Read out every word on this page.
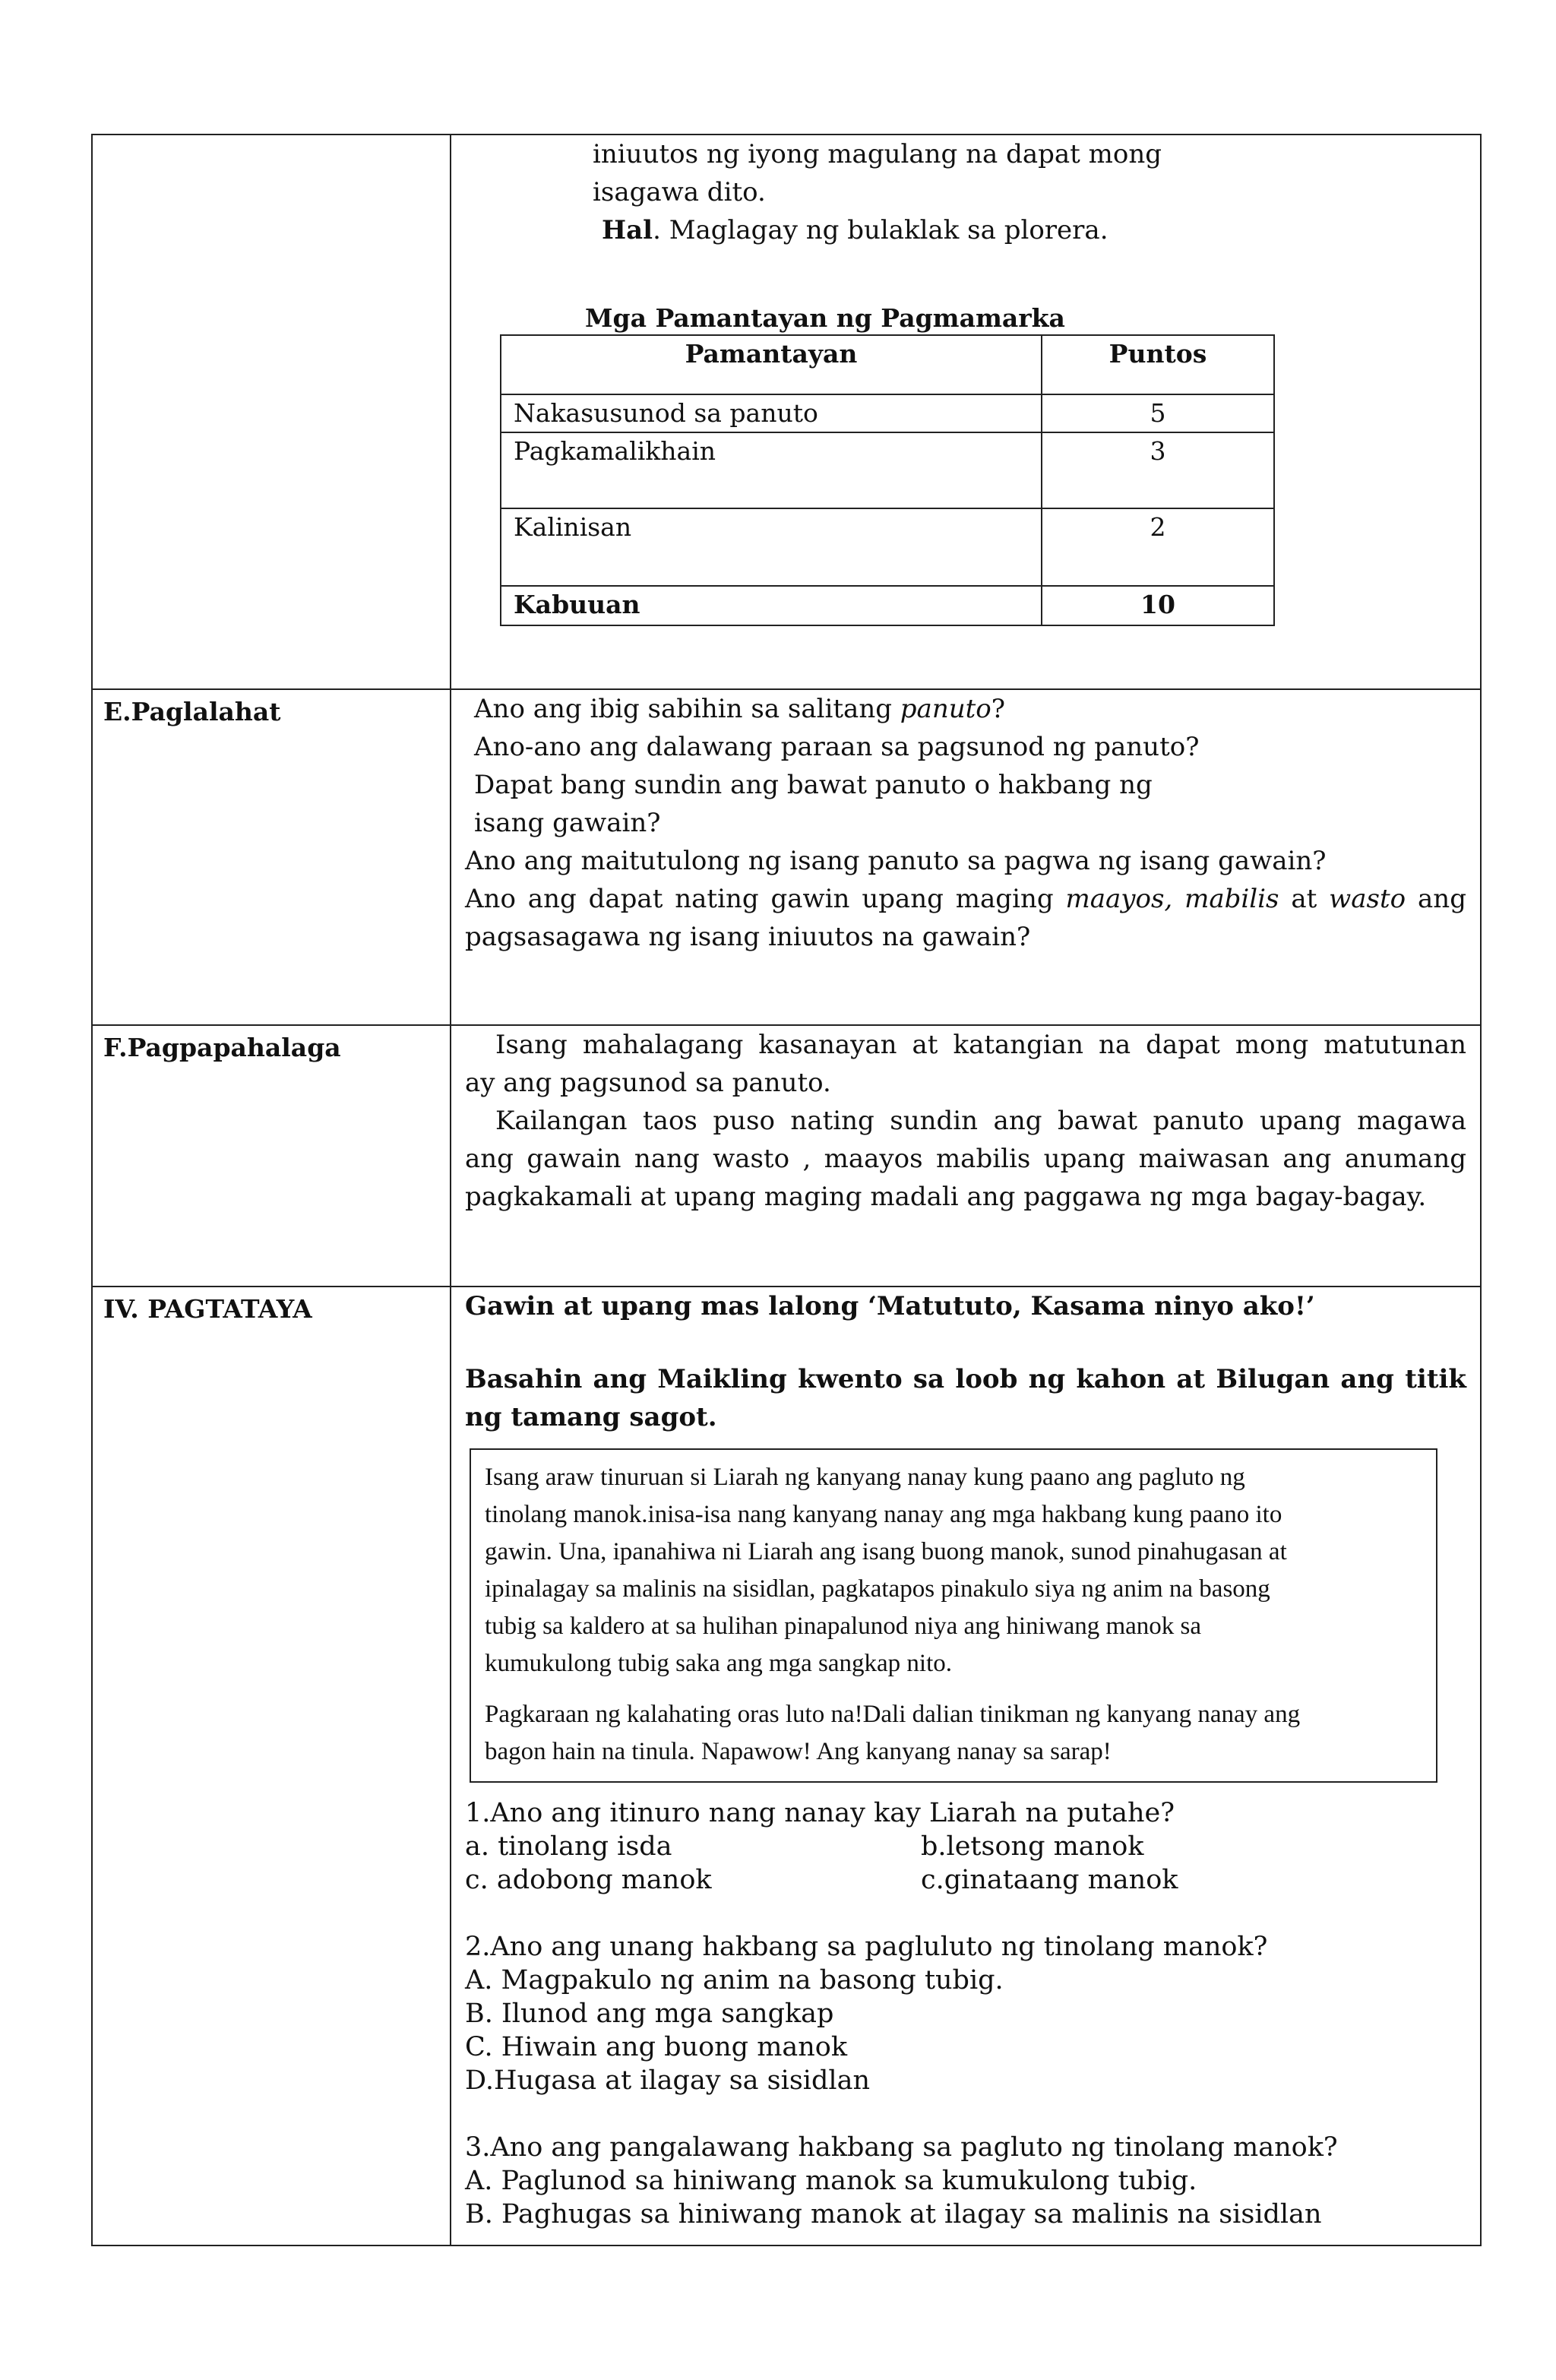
iniuutos ng iyong magulang na dapat mong
isagawa dito.
Hal. Maglagay ng bulaklak sa plorera.
Mga Pamantayan ng Pagmamarka
Pamantayan	Puntos
Nakasusunod sa panuto	5
Pagkamalikhain	3
Kalinisan	2
Kabuuan	10

E.Paglalahat	Ano ang ibig sabihin sa salitang panuto?
Ano-ano ang dalawang paraan sa pagsunod ng panuto?
Dapat bang sundin ang bawat panuto o hakbang ng
isang gawain?
Ano ang maitutulong ng isang panuto sa pagwa ng isang gawain?
Ano ang dapat nating gawin upang maging maayos, mabilis at wasto ang
pagsasagawa ng isang iniuutos na gawain?

F.Pagpapahalaga	Isang mahalagang kasanayan at katangian na dapat mong matutunan
ay ang pagsunod sa panuto.
Kailangan taos puso nating sundin ang bawat panuto upang magawa
ang gawain nang wasto , maayos mabilis upang maiwasan ang anumang
pagkakamali at upang maging madali ang paggawa ng mga bagay-bagay.

IV. PAGTATAYA	Gawin at upang mas lalong ‘Matututo, Kasama ninyo ako!’
Basahin ang Maikling kwento sa loob ng kahon at Bilugan ang titik
ng tamang sagot.
Isang araw tinuruan si Liarah ng kanyang nanay kung paano ang pagluto ng
tinolang manok.inisa-isa nang kanyang nanay ang mga hakbang kung paano ito
gawin. Una, ipanahiwa ni Liarah ang isang buong manok, sunod pinahugasan at
ipinalagay sa malinis na sisidlan, pagkatapos pinakulo siya ng anim na basong
tubig sa kaldero at sa hulihan pinapalunod niya ang hiniwang manok sa
kumukulong tubig saka ang mga sangkap nito.

Pagkaraan ng kalahating oras luto na!Dali dalian tinikman ng kanyang nanay ang
bagon hain na tinula. Napawow! Ang kanyang nanay sa sarap!

1.Ano ang itinuro nang nanay kay Liarah na putahe?
a. tinolang isda	b.letsong manok
c. adobong manok	c.ginataang manok
2.Ano ang unang hakbang sa pagluluto ng tinolang manok?
A. Magpakulo ng anim na basong tubig.
B. Ilunod ang mga sangkap
C. Hiwain ang buong manok
D.Hugasa at ilagay sa sisidlan
3.Ano ang pangalawang hakbang sa pagluto ng tinolang manok?
A. Paglunod sa hiniwang manok sa kumukulong tubig.
B. Paghugas sa hiniwang manok at ilagay sa malinis na sisidlan
